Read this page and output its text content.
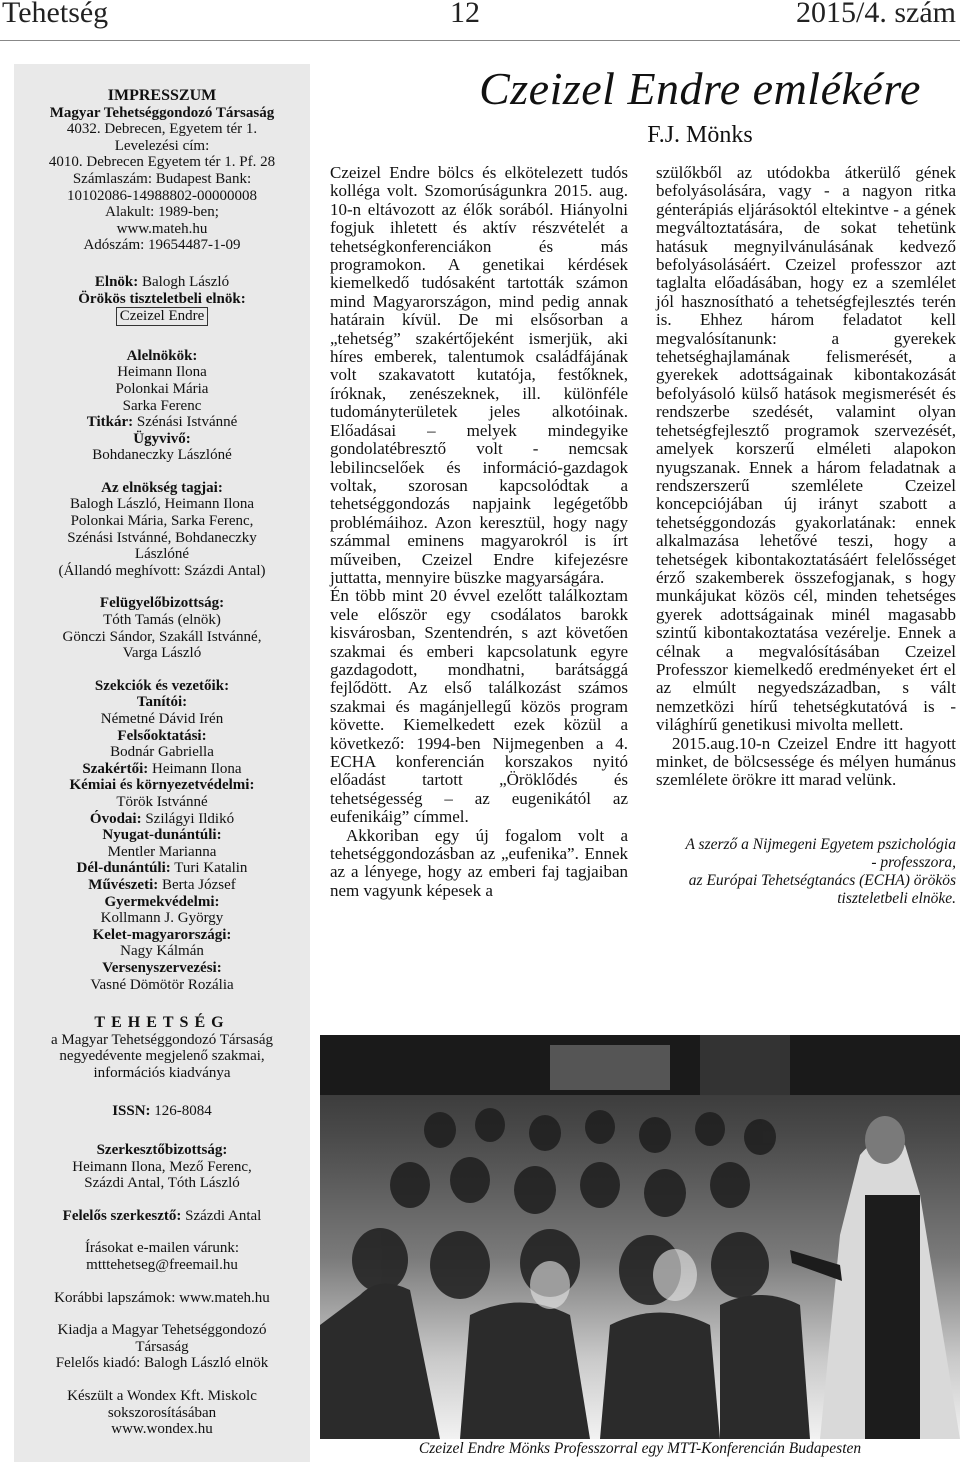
Tehetség	12	2015/4. szám
IMPRESSZUM
Magyar Tehetséggondozó Társaság
4032. Debrecen, Egyetem tér 1.
Levelezési cím:
4010. Debrecen Egyetem tér 1. Pf. 28
Számlaszám: Budapest Bank:
10102086-14988802-00000008
Alakult: 1989-ben;
www.mateh.hu
Adószám: 19654487-1-09
Elnök: Balogh László
Örökös tiszteletbeli elnök:
Czeizel Endre
Alelnökök:
Heimann Ilona
Polonkai Mária
Sarka Ferenc
Titkár: Szénási Istvánné
Ügyvivő:
Bohdaneczky Lászlóné
Az elnökség tagjai:
Balogh László, Heimann Ilona
Polonkai Mária, Sarka Ferenc,
Szénási Istvánné, Bohdaneczky
Lászlóné
(Állandó meghívott: Százdi Antal)
Felügyelőbizottság:
Tóth Tamás (elnök)
Gönczi Sándor, Szakáll Istvánné,
Varga László
Szekciók és vezetőik:
Tanítói:
Németné Dávid Irén
Felsőoktatási:
Bodnár Gabriella
Szakértői: Heimann Ilona
Kémiai és környezetvédelmi:
Török Istvánné
Óvodai: Szilágyi Ildikó
Nyugat-dunántúli:
Mentler Marianna
Dél-dunántúli: Turi Katalin
Művészeti: Berta József
Gyermekvédelmi:
Kollmann J. György
Kelet-magyarországi:
Nagy Kálmán
Versenyszervezési:
Vasné Dömötör Rozália
TEHETSÉG
a Magyar Tehetséggondozó Társaság
negyedévente megjelenő szakmai,
információs kiadványa
ISSN: 126-8084
Szerkesztőbizottság:
Heimann Ilona, Mező Ferenc,
Százdi Antal, Tóth László
Felelős szerkesztő: Százdi Antal
Írásokat e-mailen várunk:
mtttehetseg@freemail.hu
Korábbi lapszámok: www.mateh.hu
Kiadja a Magyar Tehetséggondozó
Társaság
Felelős kiadó: Balogh László elnök
Készült a Wondex Kft. Miskolc
sokszorosításában
www.wondex.hu
Czeizel Endre emlékére
F.J. Mönks

Czeizel Endre bölcs és elkötelezett tudós kolléga volt. Szomorúságunkra 2015. aug. 10-n eltávozott az élők sorából. Hiányolni fogjuk ihletett és aktív részvételét a tehetségkonferenciákon és más programokon. A genetikai kérdések kiemelkedő tudósaként tartották számon mind Magyarországon, mind pedig annak határain kívül. De mi elsősorban a „tehetség” szakértőjeként ismerjük, aki híres emberek, talentumok családfájának volt szakavatott kutatója, festőknek, íróknak, zenészeknek, ill. különféle tudományterületek jeles alkotóinak. Előadásai – melyek mindegyike gondolatébresztő volt - nemcsak lebilincselőek és információ-gazdagok voltak, szorosan kapcsolódtak a tehetséggondozás napjaink legégetőbb problémáihoz. Azon keresztül, hogy nagy számmal eminens magyarokról is írt műveiben, Czeizel Endre kifejezésre juttatta, mennyire büszke magyarságára.

Én több mint 20 évvel ezelőtt találkoztam vele először egy csodálatos barokk kisvárosban, Szentendrén, s azt követően szakmai és emberi kapcsolatunk egyre gazdagodott, mondhatni, barátsággá fejlődött. Az első találkozást számos szakmai és magánjellegű közös program követte. Kiemelkedett ezek közül a következő: 1994-ben Nijmegenben a 4. ECHA konferencián korszakos nyitó előadást tartott „Öröklődés és tehetségesség – az eugenikától az eufenikáig” címmel.

Akkoriban egy új fogalom volt a tehetséggondozásban az „eufenika”. Ennek az a lényege, hogy az emberi faj tagjaiban nem vagyunk képesek a

szülőkből az utódokba átkerülő gének befolyásolására, vagy - a nagyon ritka génterápiás eljárásoktól eltekintve - a gének megváltoztatására, de sokat tehetünk hatásuk megnyilvánulásának kedvező befolyásolásáért. Czeizel professzor azt taglalta előadásában, hogy ez a szemlélet jól hasznosítható a tehetségfejlesztés terén is. Ehhez három feladatot kell megvalósítanunk: a gyerekek tehetséghajlamának felismerését, a gyerekek adottságainak kibontakozását befolyásoló külső hatások megismerését és rendszerbe szedését, valamint olyan tehetségfejlesztő programok szervezését, amelyek korszerű elméleti alapokon nyugszanak. Ennek a három feladatnak a rendszerszerű szemlélete Czeizel koncepciójában új irányt szabott a tehetséggondozás gyakorlatának: ennek alkalmazása lehetővé teszi, hogy a tehetségek kibontakoztatásáért felelősséget érző szakemberek összefogjanak, s hogy munkájukat közös cél, minden tehetséges gyerek adottságainak minél magasabb szintű kibontakoztatása vezérelje. Ennek a célnak a megvalósításában Czeizel Professzor kiemelkedő eredményeket ért el az elmúlt negyedszázadban, s vált nemzetközi hírű tehetségkutatóvá is - világhírű genetikusi mivolta mellett.

2015.aug.10-n Czeizel Endre itt hagyott minket, de bölcsessége és mélyen humánus szemlélete örökre itt marad velünk.

A szerző a Nijmegeni Egyetem pszichológia
- professzora,
az Európai Tehetségtanács (ECHA) örökös
tiszteletbeli elnöke.

Czeizel Endre Mönks Professzorral egy MTT-Konferencián Budapesten
